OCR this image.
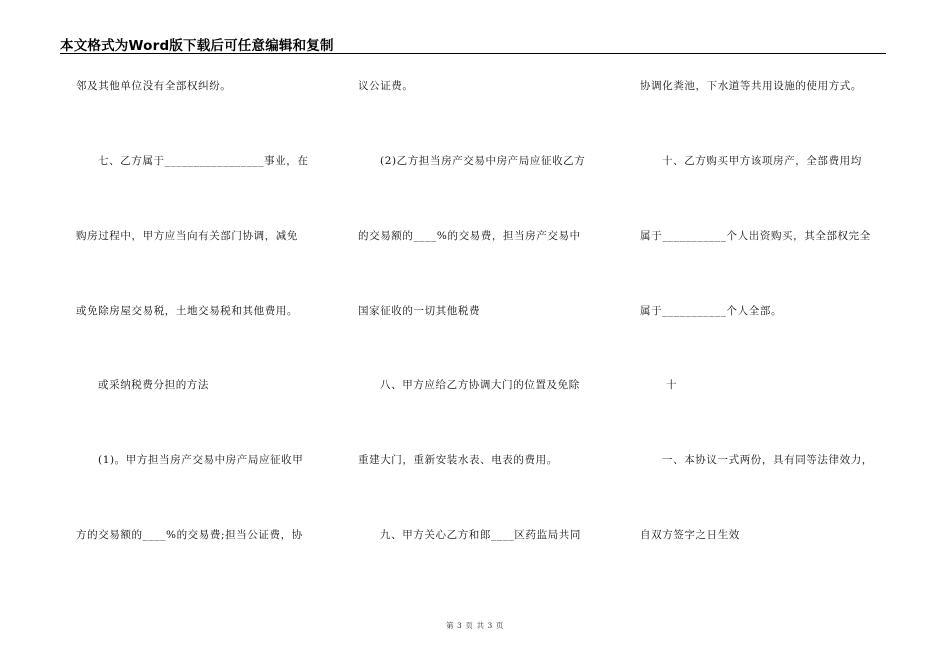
本文格式为Word版下载后可任意编辑和复制
邻及其他单位没有全部权纠纷。
七、乙方属于_________________事业，在
购房过程中，甲方应当向有关部门协调，减免
或免除房屋交易税，土地交易税和其他费用。
或采纳税费分担的方法
(1)。甲方担当房产交易中房产局应征收甲
方的交易额的____%的交易费;担当公证费，协
议公证费。
(2)乙方担当房产交易中房产局应征收乙方
的交易额的____%的交易费，担当房产交易中
国家征收的一切其他税费
八、甲方应给乙方协调大门的位置及免除
重建大门，重新安装水表、电表的费用。
九、甲方关心乙方和郎____区药监局共同
协调化粪池，下水道等共用设施的使用方式。
十、乙方购买甲方该项房产，全部费用均
属于___________个人出资购买，其全部权完全
属于___________个人全部。
十
一、本协议一式两份，具有同等法律效力，
自双方签字之日生效
第 3 页 共 3 页
